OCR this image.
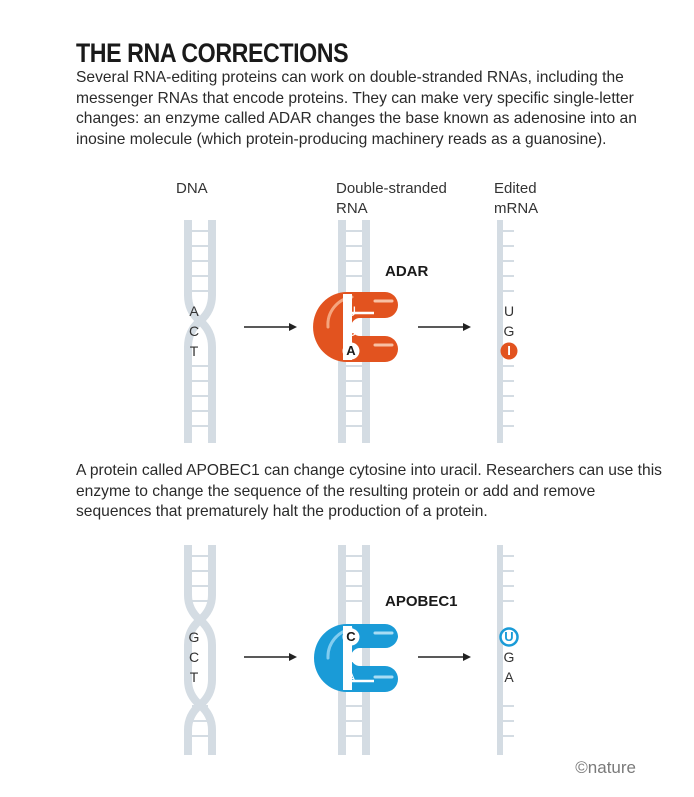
THE RNA CORRECTIONS

Several RNA-editing proteins can work on double-stranded RNAs, including the messenger RNAs that encode proteins. They can make very specific single-letter changes: an enzyme called ADAR changes the base known as adenosine into an inosine molecule (which protein-producing machinery reads as a guanosine).

DNA	Double-stranded
RNA
Edited
mRNA
ADAR
A
C
T
U
G
A
U
G
I

A protein called APOBEC1 can change cytosine into uracil. Researchers can use this enzyme to change the sequence of the resulting protein or add and remove sequences that prematurely halt the production of a protein.

APOBEC1
G
C
T
C
G
A
U
G
A
©nature
